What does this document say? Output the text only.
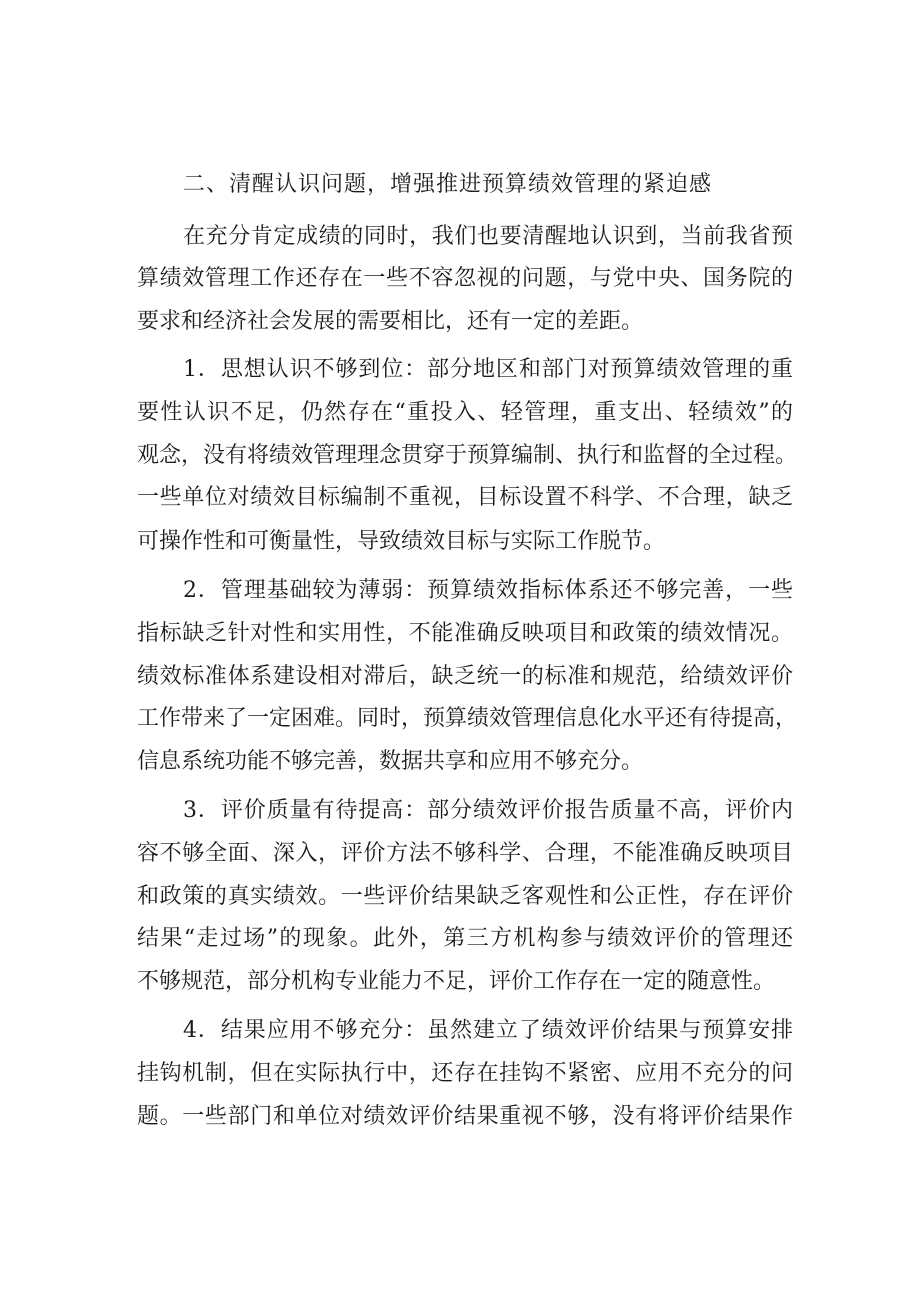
二、清醒认识问题，增强推进预算绩效管理的紧迫感
在充分肯定成绩的同时，我们也要清醒地认识到，当前我省预
算绩效管理工作还存在一些不容忽视的问题，与党中央、国务院的
要求和经济社会发展的需要相比，还有一定的差距。
1．思想认识不够到位：部分地区和部门对预算绩效管理的重
要性认识不足，仍然存在“重投入、轻管理，重支出、轻绩效”的
观念，没有将绩效管理理念贯穿于预算编制、执行和监督的全过程。
一些单位对绩效目标编制不重视，目标设置不科学、不合理，缺乏
可操作性和可衡量性，导致绩效目标与实际工作脱节。
2．管理基础较为薄弱：预算绩效指标体系还不够完善，一些
指标缺乏针对性和实用性，不能准确反映项目和政策的绩效情况。
绩效标准体系建设相对滞后，缺乏统一的标准和规范，给绩效评价
工作带来了一定困难。同时，预算绩效管理信息化水平还有待提高，
信息系统功能不够完善，数据共享和应用不够充分。
3．评价质量有待提高：部分绩效评价报告质量不高，评价内
容不够全面、深入，评价方法不够科学、合理，不能准确反映项目
和政策的真实绩效。一些评价结果缺乏客观性和公正性，存在评价
结果“走过场”的现象。此外，第三方机构参与绩效评价的管理还
不够规范，部分机构专业能力不足，评价工作存在一定的随意性。
4．结果应用不够充分：虽然建立了绩效评价结果与预算安排
挂钩机制，但在实际执行中，还存在挂钩不紧密、应用不充分的问
题。一些部门和单位对绩效评价结果重视不够，没有将评价结果作
